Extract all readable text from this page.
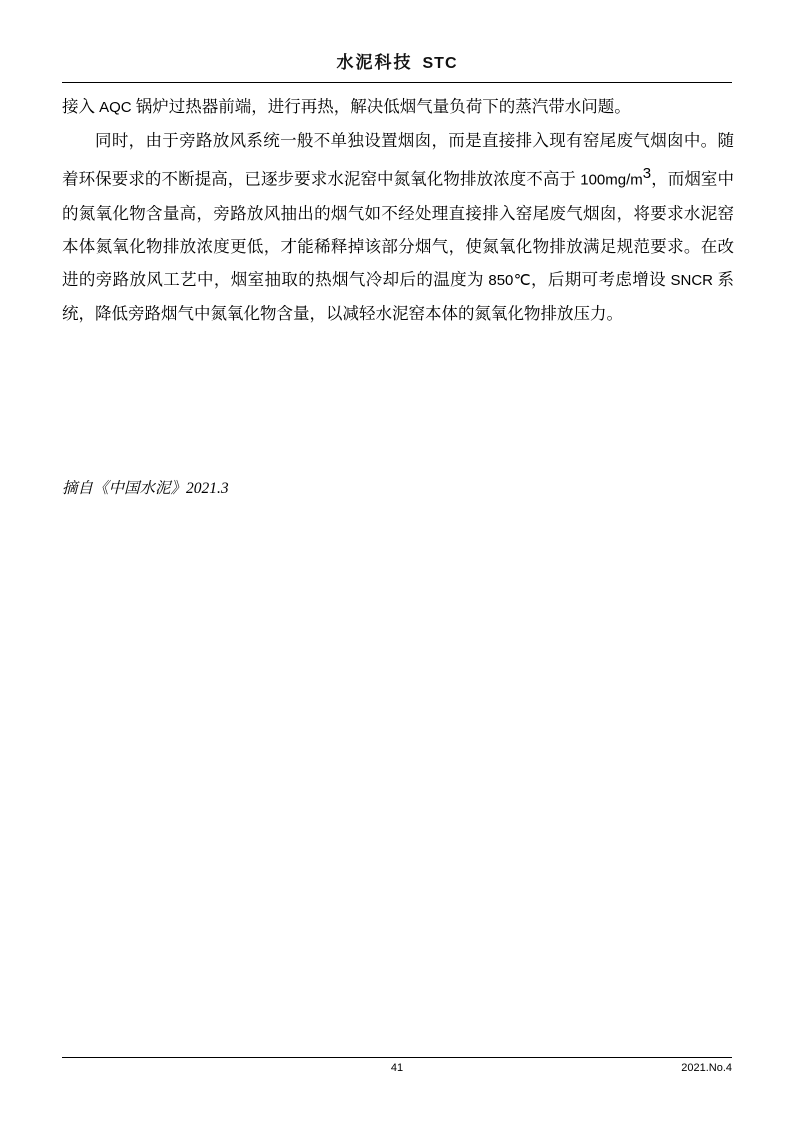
水泥科技 STC

接入 AQC 锅炉过热器前端，进行再热，解决低烟气量负荷下的蒸汽带水问题。

同时，由于旁路放风系统一般不单独设置烟囱，而是直接排入现有窑尾废气烟囱中。随着环保要求的不断提高，已逐步要求水泥窑中氮氧化物排放浓度不高于 $100mg/m^3$，而烟室中的氮氧化物含量高，旁路放风抽出的烟气如不经处理直接排入窑尾废气烟囱，将要求水泥窑本体氮氧化物排放浓度更低，才能稀释掉该部分烟气，使氮氧化物排放满足规范要求。在改进的旁路放风工艺中，烟室抽取的热烟气冷却后的温度为 850℃，后期可考虑增设 SNCR 系统，降低旁路烟气中氮氧化物含量，以减轻水泥窑本体的氮氧化物排放压力。

摘自《中国水泥》2021.3
41	2021.No.4
